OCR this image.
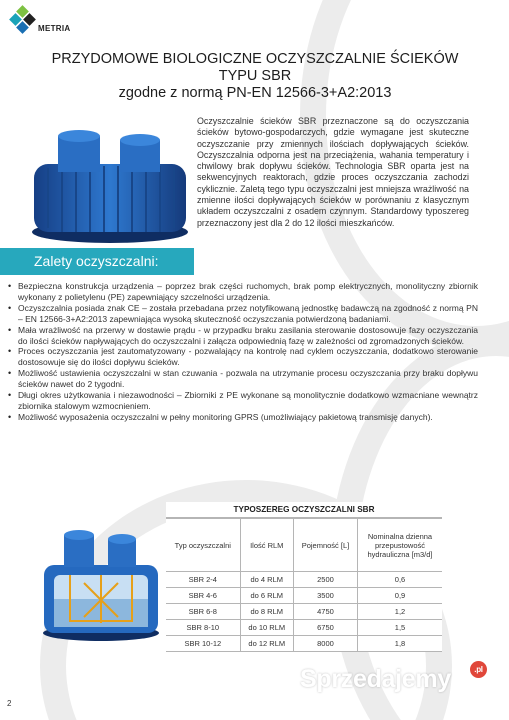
METRIA
PRZYDOMOWE BIOLOGICZNE OCZYSZCZALNIE ŚCIEKÓW
TYPU SBR
zgodne z normą PN-EN 12566-3+A2:2013
Oczyszczalnie ścieków SBR przeznaczone są do oczyszczania ścieków bytowo-gospodarczych, gdzie wymagane jest skuteczne oczyszczanie przy zmiennych ilościach dopływających ścieków. Oczyszczalnia odporna jest na przeciążenia, wahania temperatury i chwilowy brak dopływu ścieków. Technologia SBR oparta jest na sekwencyjnych reaktorach, gdzie proces oczyszczania zachodzi cyklicznie. Zaletą tego typu oczyszczalni jest mniejsza wrażliwość na zmienne ilości dopływających ścieków w porównaniu z klasycznym układem oczyszczalni z osadem czynnym. Standardowy typoszereg przeznaczony jest dla 2 do 12 ilości mieszkańców.
Zalety oczyszczalni:
• Bezpieczna konstrukcja urządzenia – poprzez brak części ruchomych, brak pomp elektrycznych, monolityczny zbiornik wykonany z polietylenu (PE) zapewniający szczelności urządzenia.
• Oczyszczalnia posiada znak CE – została przebadana przez notyfikowaną jednostkę badawczą na zgodność z normą PN – EN 12566-3+A2:2013 zapewniająca wysoką skuteczność oczyszczania potwierdzoną badaniami.
• Mała wrażliwość na przerwy w dostawie prądu - w przypadku braku zasilania sterowanie dostosowuje fazy oczyszczania do ilości ścieków napływających do oczyszczalni i załącza odpowiednią fazę w zależności od zgromadzonych ścieków.
• Proces oczyszczania jest zautomatyzowany - pozwalający na kontrolę nad cyklem oczyszczania, dodatkowo sterowanie dostosowuje się do ilości dopływu ścieków.
• Możliwość ustawienia oczyszczalni w stan czuwania - pozwala na utrzymanie procesu oczyszczania przy braku dopływu ścieków nawet do 2 tygodni.
• Długi okres użytkowania i niezawodności – Zbiorniki z PE wykonane są monolitycznie dodatkowo wzmacniane wewnątrz zbiornika stalowym wzmocnieniem.
• Możliwość wyposażenia oczyszczalni w pełny monitoring GPRS (umożliwiający pakietową transmisję danych).
TYPOSZEREG OCZYSZCZALNI SBR
Typ oczyszczalni	Ilość RLM	Pojemność [L]	Nominalna dzienna przepustowość hydrauliczna [m3/d]
SBR 2-4	do 4 RLM	2500	0,6
SBR 4-6	do 6 RLM	3500	0,9
SBR 6-8	do 8 RLM	4750	1,2
SBR 8-10	do 10 RLM	6750	1,5
SBR 10-12	do 12 RLM	8000	1,8
2
Sprzedajemy	.pl
